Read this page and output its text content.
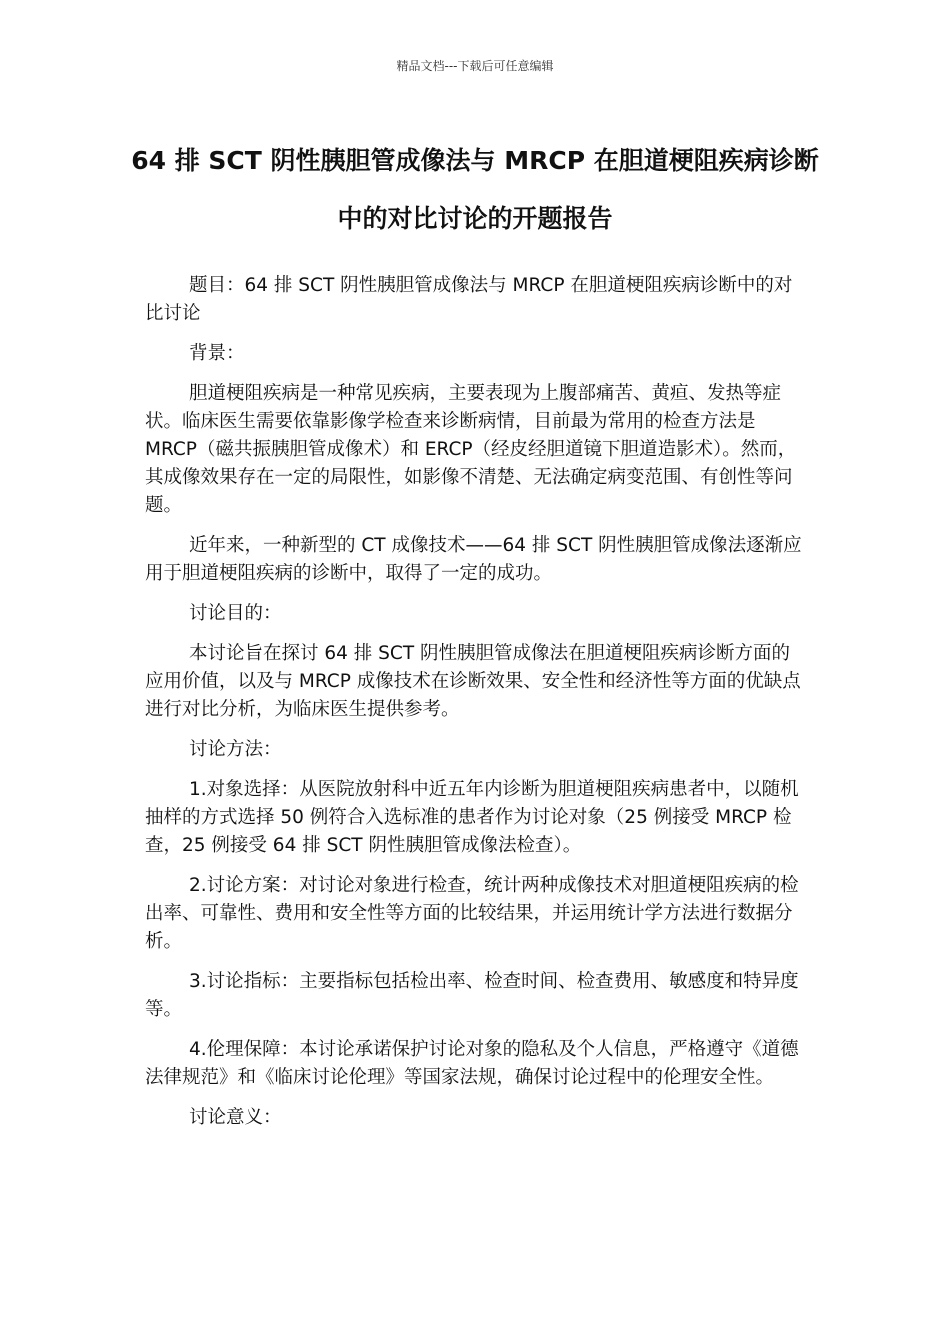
精品文档---下载后可任意编辑
64 排 SCT 阴性胰胆管成像法与 MRCP 在胆道梗阻疾病诊断中的对比讨论的开题报告

题目：64 排 SCT 阴性胰胆管成像法与 MRCP 在胆道梗阻疾病诊断中的对比讨论

背景：

胆道梗阻疾病是一种常见疾病，主要表现为上腹部痛苦、黄疸、发热等症状。临床医生需要依靠影像学检查来诊断病情，目前最为常用的检查方法是 MRCP（磁共振胰胆管成像术）和 ERCP（经皮经胆道镜下胆道造影术）。然而，其成像效果存在一定的局限性，如影像不清楚、无法确定病变范围、有创性等问题。

近年来，一种新型的 CT 成像技术——64 排 SCT 阴性胰胆管成像法逐渐应用于胆道梗阻疾病的诊断中，取得了一定的成功。

讨论目的：

本讨论旨在探讨 64 排 SCT 阴性胰胆管成像法在胆道梗阻疾病诊断方面的应用价值，以及与 MRCP 成像技术在诊断效果、安全性和经济性等方面的优缺点进行对比分析，为临床医生提供参考。

讨论方法：

1.对象选择：从医院放射科中近五年内诊断为胆道梗阻疾病患者中，以随机抽样的方式选择 50 例符合入选标准的患者作为讨论对象（25 例接受 MRCP 检查，25 例接受 64 排 SCT 阴性胰胆管成像法检查）。

2.讨论方案：对讨论对象进行检查，统计两种成像技术对胆道梗阻疾病的检出率、可靠性、费用和安全性等方面的比较结果，并运用统计学方法进行数据分析。

3.讨论指标：主要指标包括检出率、检查时间、检查费用、敏感度和特异度等。

4.伦理保障：本讨论承诺保护讨论对象的隐私及个人信息，严格遵守《道德法律规范》和《临床讨论伦理》等国家法规，确保讨论过程中的伦理安全性。

讨论意义：
